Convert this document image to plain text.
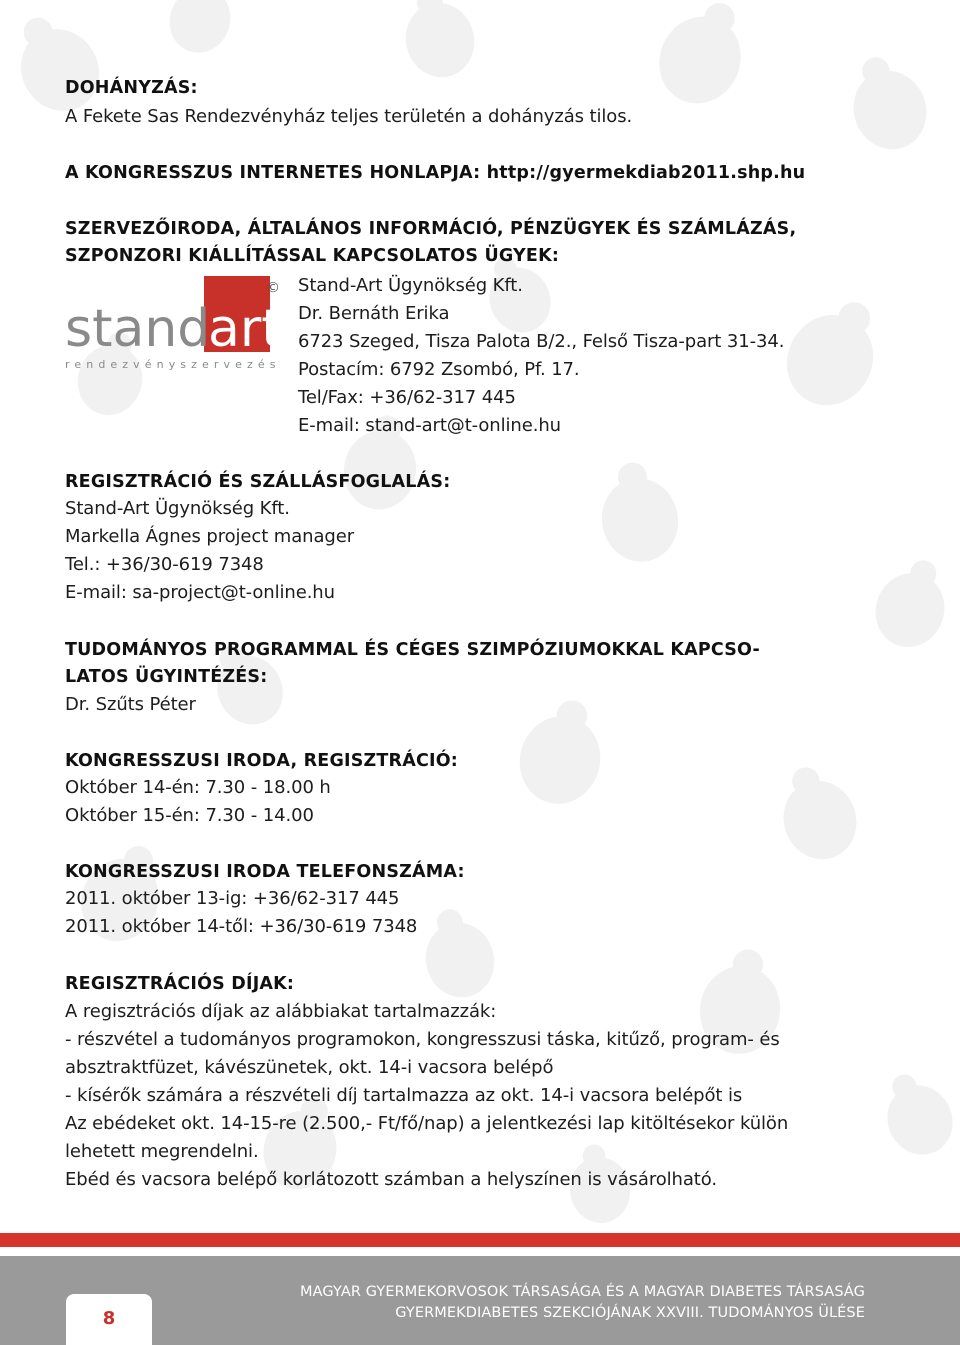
DOHÁNYZÁS:
A Fekete Sas Rendezvényház teljes területén a dohányzás tilos.
A KONGRESSZUS INTERNETES HONLAPJA: http://gyermekdiab2011.shp.hu
SZERVEZŐIRODA, ÁLTALÁNOS INFORMÁCIÓ, PÉNZÜGYEK ÉS SZÁMLÁZÁS,
SZPONZORI KIÁLLÍTÁSSAL KAPCSOLATOS ÜGYEK:
stand
art
rendezvényszervezés
© Stand-Art Ügynökség Kft.
Dr. Bernáth Erika
6723 Szeged, Tisza Palota B/2., Felső Tisza-part 31-34.
Postacím: 6792 Zsombó, Pf. 17.
Tel/Fax: +36/62-317 445
E-mail: stand-art@t-online.hu
REGISZTRÁCIÓ ÉS SZÁLLÁSFOGLALÁS:
Stand-Art Ügynökség Kft.
Markella Ágnes project manager
Tel.: +36/30-619 7348
E-mail: sa-project@t-online.hu
TUDOMÁNYOS PROGRAMMAL ÉS CÉGES SZIMPÓZIUMOKKAL KAPCSO-
LATOS ÜGYINTÉZÉS:
Dr. Szűts Péter
KONGRESSZUSI IRODA, REGISZTRÁCIÓ:
Október 14-én: 7.30 - 18.00 h
Október 15-én: 7.30 - 14.00
KONGRESSZUSI IRODA TELEFONSZÁMA:
2011. október 13-ig: +36/62-317 445
2011. október 14-től: +36/30-619 7348
REGISZTRÁCIÓS DÍJAK:
A regisztrációs díjak az alábbiakat tartalmazzák:
- részvétel a tudományos programokon, kongresszusi táska, kitűző, program- és
absztraktfüzet, kávészünetek, okt. 14-i vacsora belépő
- kísérők számára a részvételi díj tartalmazza az okt. 14-i vacsora belépőt is
Az ebédeket okt. 14-15-re (2.500,- Ft/fő/nap) a jelentkezési lap kitöltésekor külön
lehetett megrendelni.
Ebéd és vacsora belépő korlátozott számban a helyszínen is vásárolható.
8
MAGYAR GYERMEKORVOSOK TÁRSASÁGA ÉS A MAGYAR DIABETES TÁRSASÁG
GYERMEKDIABETES SZEKCIÓJÁNAK XXVIII. TUDOMÁNYOS ÜLÉSE
